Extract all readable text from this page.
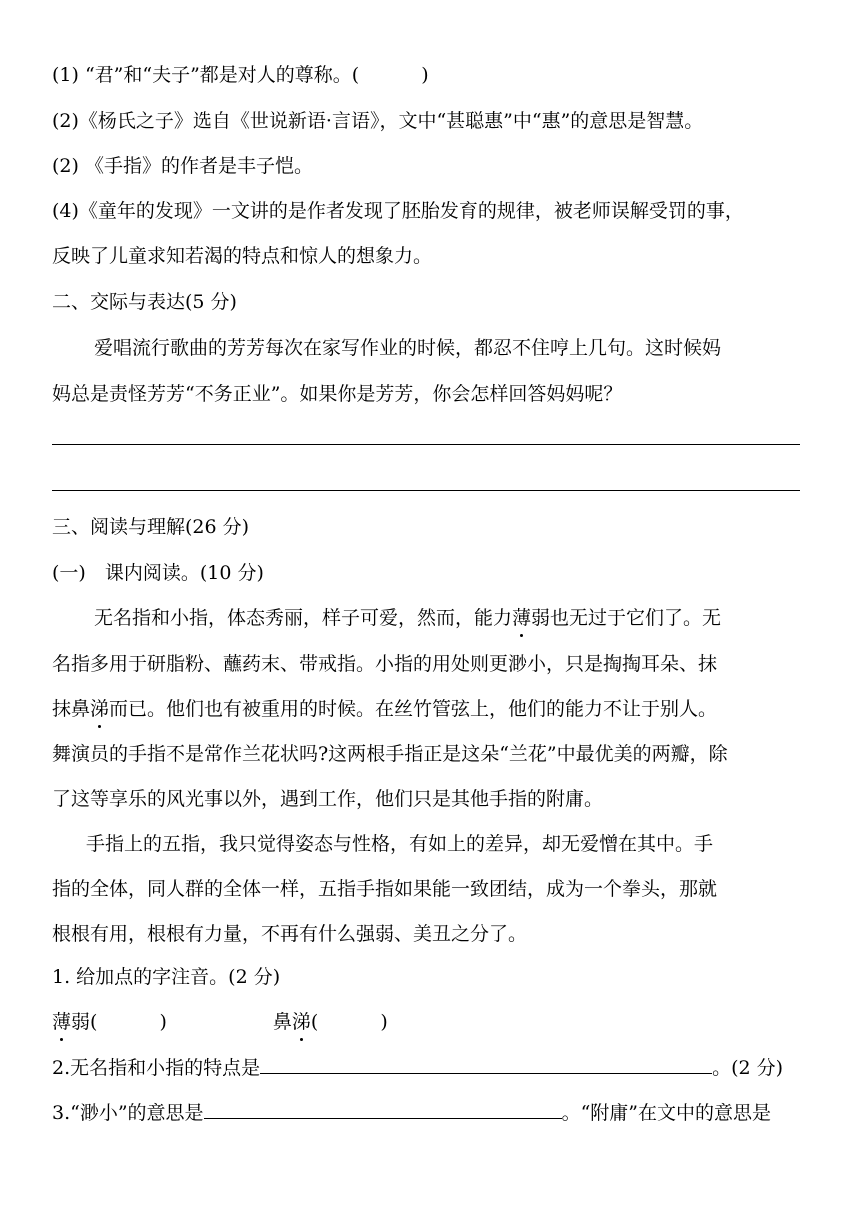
(1) “君”和“夫子”都是对人的尊称。(	)
(2)《杨氏之子》选自《世说新语·言语》，文中“甚聪惠”中“惠”的意思是智慧。
(2) 《手指》的作者是丰子恺。
(4)《童年的发现》一文讲的是作者发现了胚胎发育的规律，被老师误解受罚的事，
反映了儿童求知若渴的特点和惊人的想象力。
二、交际与表达(5 分)
爱唱流行歌曲的芳芳每次在家写作业的时候，都忍不住哼上几句。这时候妈
妈总是责怪芳芳“不务正业”。如果你是芳芳，你会怎样回答妈妈呢？
三、阅读与理解(26 分)
(一)　课内阅读。(10 分)
无名指和小指，体态秀丽，样子可爱，然而，能力薄弱也无过于它们了。无
名指多用于研脂粉、蘸药末、带戒指。小指的用处则更渺小，只是掏掏耳朵、抹
抹鼻涕而已。他们也有被重用的时候。在丝竹管弦上，他们的能力不让于别人。
舞演员的手指不是常作兰花状吗?这两根手指正是这朵“兰花”中最优美的两瓣，除
了这等享乐的风光事以外，遇到工作，他们只是其他手指的附庸。
手指上的五指，我只觉得姿态与性格，有如上的差异，却无爱憎在其中。手
指的全体，同人群的全体一样，五指手指如果能一致团结，成为一个拳头，那就
根根有用，根根有力量，不再有什么强弱、美丑之分了。
1. 给加点的字注音。(2 分)
薄弱(	)	鼻涕(	)
2.无名指和小指的特点是	。(2 分)
3.“渺小”的意思是	。“附庸”在文中的意思是
